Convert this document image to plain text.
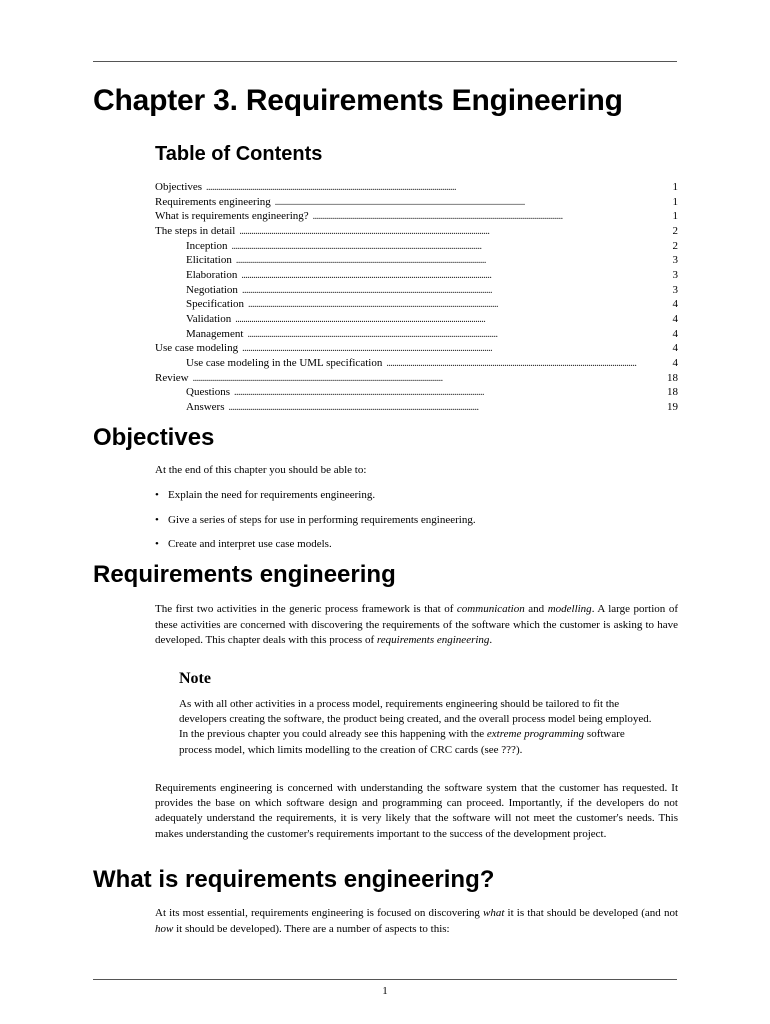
Chapter 3. Requirements Engineering
Table of Contents
Objectives . . .	1
Requirements engineering . . .	1
What is requirements engineering? . . .	1
The steps in detail . . .	2
Inception . . .	2
Elicitation . . .	3
Elaboration . . .	3
Negotiation . . .	3
Specification . . .	4
Validation . . .	4
Management . . .	4
Use case modeling . . .	4
Use case modeling in the UML specification . . .	4
Review . . .	18
Questions . . .	18
Answers . . .	19
Objectives

At the end of this chapter you should be able to:

• Explain the need for requirements engineering.
• Give a series of steps for use in performing requirements engineering.
• Create and interpret use case models.
Requirements engineering

The first two activities in the generic process framework is that of communication and modelling. A large portion of these activities are concerned with discovering the requirements of the software which the customer is asking to have developed. This chapter deals with this process of requirements engineering.

Note

As with all other activities in a process model, requirements engineering should be tailored to fit the developers creating the software, the product being created, and the overall process model being employed. In the previous chapter you could already see this happening with the extreme programming software process model, which limits modelling to the creation of CRC cards (see ???).

Requirements engineering is concerned with understanding the software system that the customer has requested. It provides the base on which software design and programming can proceed. Importantly, if the developers do not adequately understand the requirements, it is very likely that the software will not meet the customer's needs. This makes understanding the customer's requirements important to the success of the development project.

What is requirements engineering?

At its most essential, requirements engineering is focused on discovering what it is that should be developed (and not how it should be developed). There are a number of aspects to this:

1
